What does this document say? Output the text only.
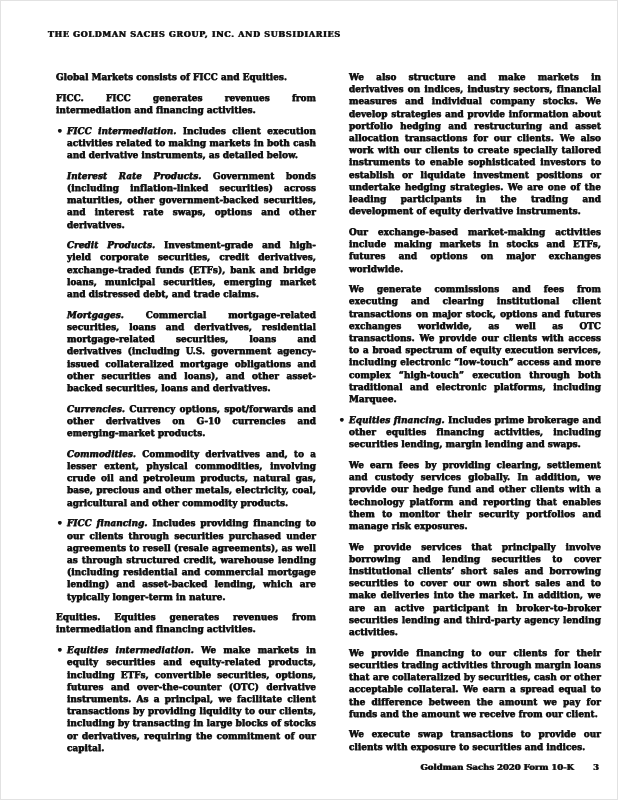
THE GOLDMAN SACHS GROUP, INC. AND SUBSIDIARIES

Global Markets consists of FICC and Equities.

FICC. FICC generates revenues from intermediation and financing activities.

• FICC intermediation. Includes client execution activities related to making markets in both cash and derivative instruments, as detailed below.

Interest Rate Products. Government bonds (including inflation-linked securities) across maturities, other government-backed securities, and interest rate swaps, options and other derivatives.

Credit Products. Investment-grade and high-yield corporate securities, credit derivatives, exchange-traded funds (ETFs), bank and bridge loans, municipal securities, emerging market and distressed debt, and trade claims.

Mortgages. Commercial mortgage-related securities, loans and derivatives, residential mortgage-related securities, loans and derivatives (including U.S. government agency-issued collateralized mortgage obligations and other securities and loans), and other asset-backed securities, loans and derivatives.

Currencies. Currency options, spot/forwards and other derivatives on G-10 currencies and emerging-market products.

Commodities. Commodity derivatives and, to a lesser extent, physical commodities, involving crude oil and petroleum products, natural gas, base, precious and other metals, electricity, coal, agricultural and other commodity products.

• FICC financing. Includes providing financing to our clients through securities purchased under agreements to resell (resale agreements), as well as through structured credit, warehouse lending (including residential and commercial mortgage lending) and asset-backed lending, which are typically longer-term in nature.

Equities. Equities generates revenues from intermediation and financing activities.

• Equities intermediation. We make markets in equity securities and equity-related products, including ETFs, convertible securities, options, futures and over-the-counter (OTC) derivative instruments. As a principal, we facilitate client transactions by providing liquidity to our clients, including by transacting in large blocks of stocks or derivatives, requiring the commitment of our capital.

We also structure and make markets in derivatives on indices, industry sectors, financial measures and individual company stocks. We develop strategies and provide information about portfolio hedging and restructuring and asset allocation transactions for our clients. We also work with our clients to create specially tailored instruments to enable sophisticated investors to establish or liquidate investment positions or undertake hedging strategies. We are one of the leading participants in the trading and development of equity derivative instruments.

Our exchange-based market-making activities include making markets in stocks and ETFs, futures and options on major exchanges worldwide.

We generate commissions and fees from executing and clearing institutional client transactions on major stock, options and futures exchanges worldwide, as well as OTC transactions. We provide our clients with access to a broad spectrum of equity execution services, including electronic “low-touch” access and more complex “high-touch” execution through both traditional and electronic platforms, including Marquee.

• Equities financing. Includes prime brokerage and other equities financing activities, including securities lending, margin lending and swaps.

We earn fees by providing clearing, settlement and custody services globally. In addition, we provide our hedge fund and other clients with a technology platform and reporting that enables them to monitor their security portfolios and manage risk exposures.

We provide services that principally involve borrowing and lending securities to cover institutional clients’ short sales and borrowing securities to cover our own short sales and to make deliveries into the market. In addition, we are an active participant in broker-to-broker securities lending and third-party agency lending activities.

We provide financing to our clients for their securities trading activities through margin loans that are collateralized by securities, cash or other acceptable collateral. We earn a spread equal to the difference between the amount we pay for funds and the amount we receive from our client.

We execute swap transactions to provide our clients with exposure to securities and indices.

Goldman Sachs 2020 Form 10-K 3
